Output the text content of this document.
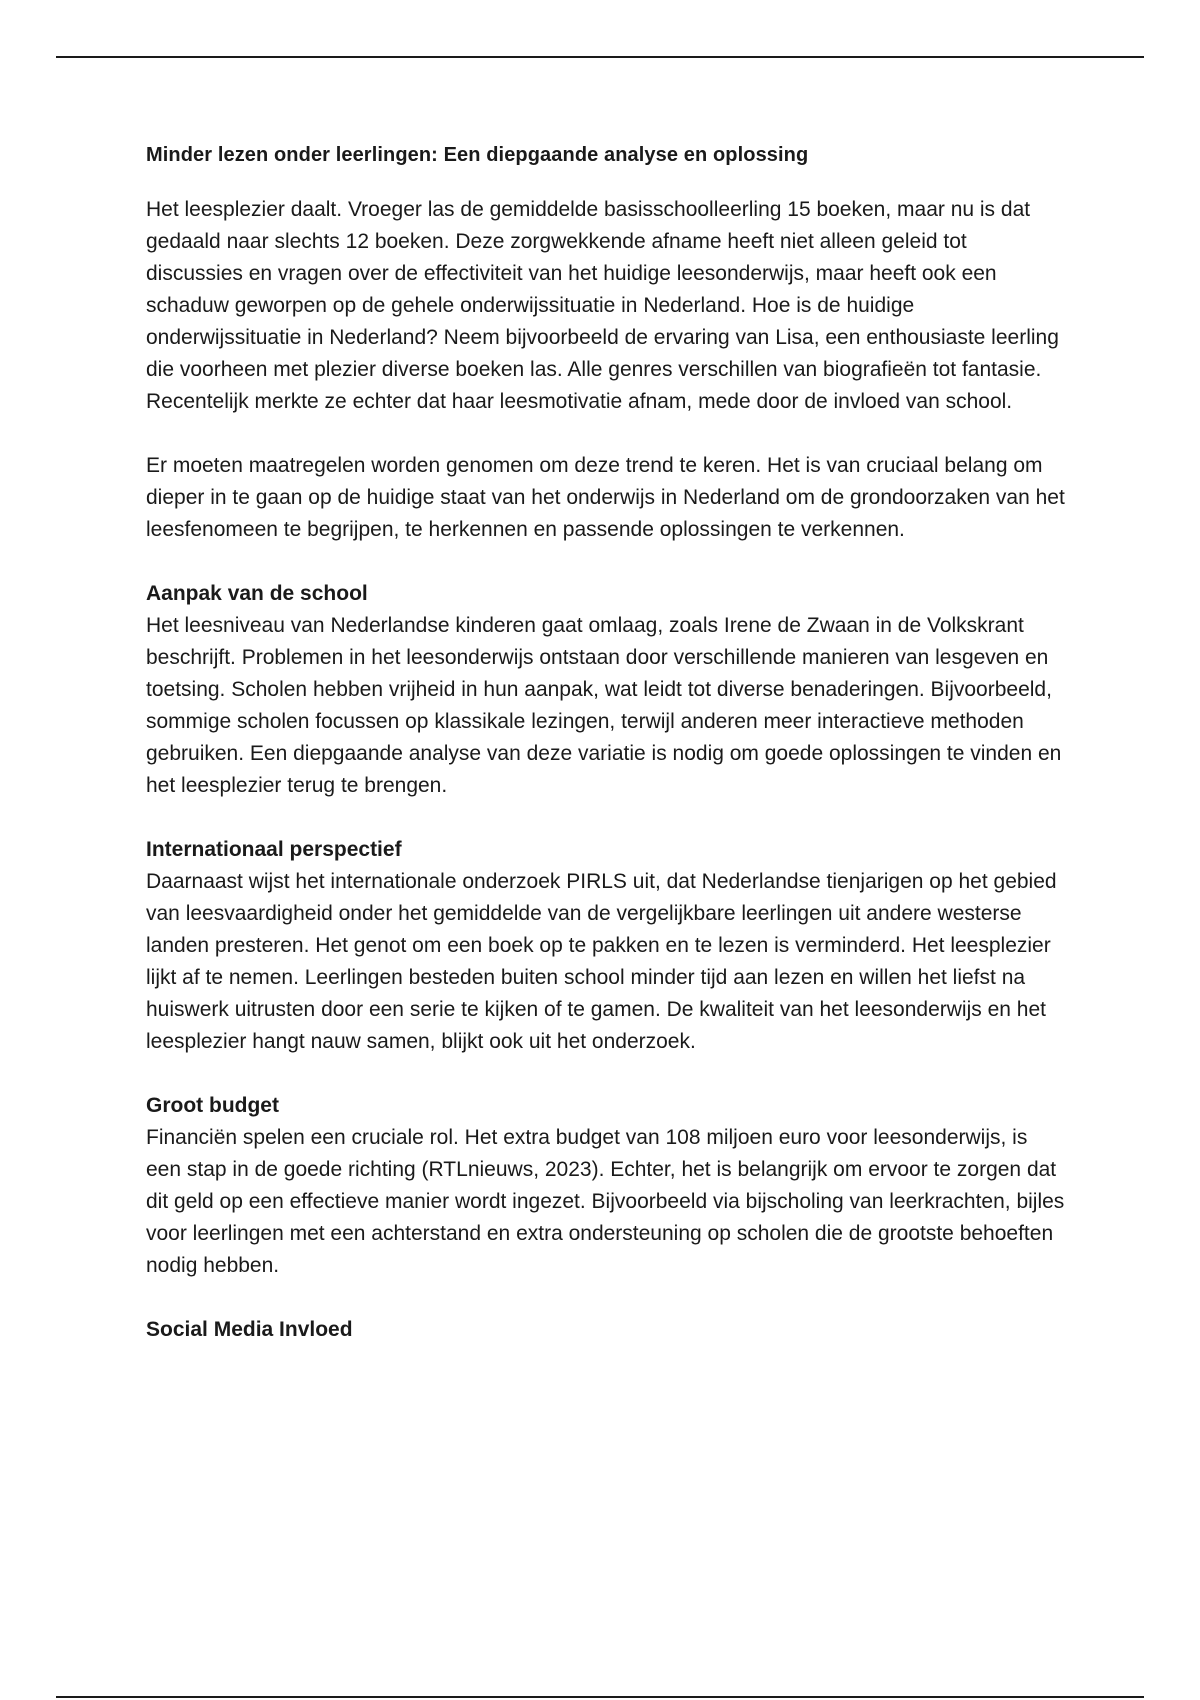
Minder lezen onder leerlingen: Een diepgaande analyse en oplossing

Het leesplezier daalt. Vroeger las de gemiddelde basisschoolleerling 15 boeken, maar nu is dat gedaald naar slechts 12 boeken. Deze zorgwekkende afname heeft niet alleen geleid tot discussies en vragen over de effectiviteit van het huidige leesonderwijs, maar heeft ook een schaduw geworpen op de gehele onderwijssituatie in Nederland. Hoe is de huidige onderwijssituatie in Nederland? Neem bijvoorbeeld de ervaring van Lisa, een enthousiaste leerling die voorheen met plezier diverse boeken las. Alle genres verschillen van biografieën tot fantasie. Recentelijk merkte ze echter dat haar leesmotivatie afnam, mede door de invloed van school.

Er moeten maatregelen worden genomen om deze trend te keren. Het is van cruciaal belang om dieper in te gaan op de huidige staat van het onderwijs in Nederland om de grondoorzaken van het leesfenomeen te begrijpen, te herkennen en passende oplossingen te verkennen.

Aanpak van de school

Het leesniveau van Nederlandse kinderen gaat omlaag, zoals Irene de Zwaan in de Volkskrant beschrijft. Problemen in het leesonderwijs ontstaan door verschillende manieren van lesgeven en toetsing. Scholen hebben vrijheid in hun aanpak, wat leidt tot diverse benaderingen. Bijvoorbeeld, sommige scholen focussen op klassikale lezingen, terwijl anderen meer interactieve methoden gebruiken. Een diepgaande analyse van deze variatie is nodig om goede oplossingen te vinden en het leesplezier terug te brengen.

Internationaal perspectief

Daarnaast wijst het internationale onderzoek PIRLS uit, dat Nederlandse tienjarigen op het gebied van leesvaardigheid onder het gemiddelde van de vergelijkbare leerlingen uit andere westerse landen presteren. Het genot om een boek op te pakken en te lezen is verminderd. Het leesplezier lijkt af te nemen. Leerlingen besteden buiten school minder tijd aan lezen en willen het liefst na huiswerk uitrusten door een serie te kijken of te gamen. De kwaliteit van het leesonderwijs en het leesplezier hangt nauw samen, blijkt ook uit het onderzoek.

Groot budget

Financiën spelen een cruciale rol. Het extra budget van 108 miljoen euro voor leesonderwijs, is een stap in de goede richting (RTLnieuws, 2023). Echter, het is belangrijk om ervoor te zorgen dat dit geld op een effectieve manier wordt ingezet. Bijvoorbeeld via bijscholing van leerkrachten, bijles voor leerlingen met een achterstand en extra ondersteuning op scholen die de grootste behoeften nodig hebben.

Social Media Invloed
